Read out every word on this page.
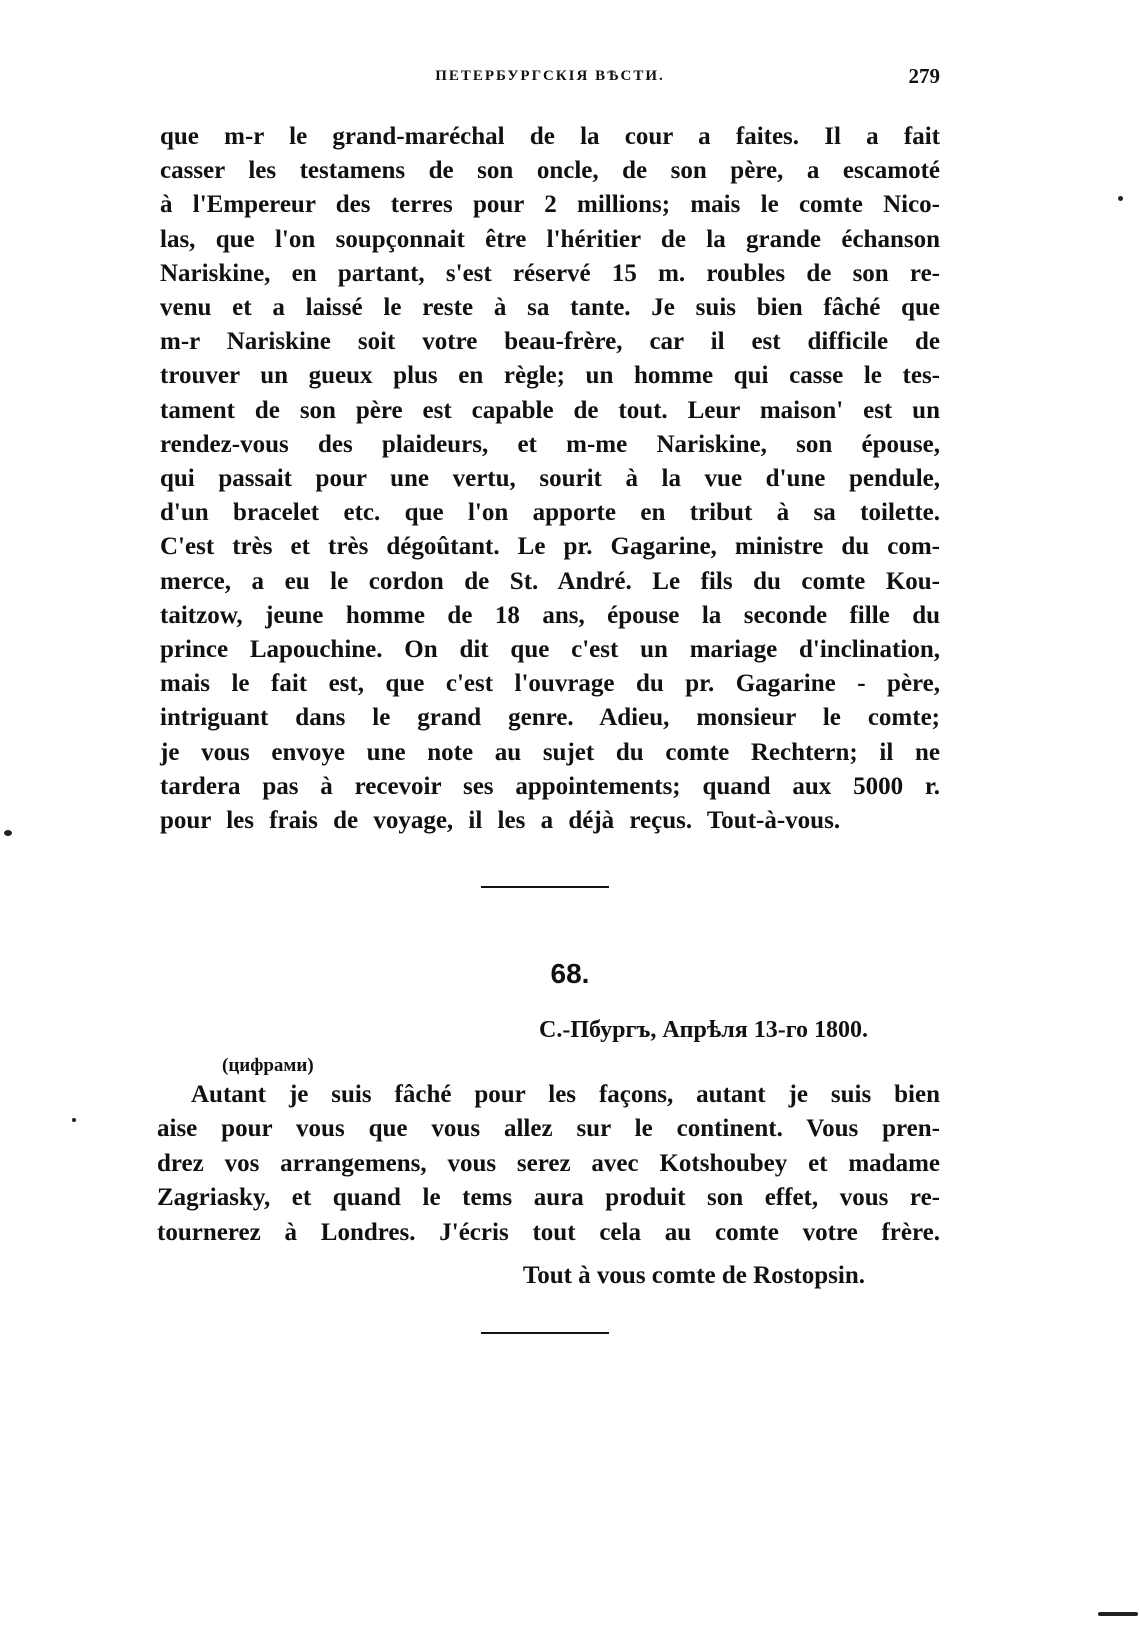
ПЕТЕРБУРГСКІЯ ВѢСТИ.	279
que m-r le grand-maréchal de la cour a faites. Il a fait
casser les testamens de son oncle, de son père, a escamoté
à l'Empereur des terres pour 2 millions; mais le comte Nico-
las, que l'on soupçonnait être l'héritier de la grande échanson
Nariskine, en partant, s'est réservé 15 m. roubles de son re-
venu et a laissé le reste à sa tante. Je suis bien fâché que
m-r Nariskine soit votre beau-frère, car il est difficile de
trouver un gueux plus en règle; un homme qui casse le tes-
tament de son père est capable de tout. Leur maison' est un
rendez-vous des plaideurs, et m-me Nariskine, son épouse,
qui passait pour une vertu, sourit à la vue d'une pendule,
d'un bracelet etc. que l'on apporte en tribut à sa toilette.
C'est très et très dégoûtant. Le pr. Gagarine, ministre du com-
merce, a eu le cordon de St. André. Le fils du comte Kou-
taitzow, jeune homme de 18 ans, épouse la seconde fille du
prince Lapouchine. On dit que c'est un mariage d'inclination,
mais le fait est, que c'est l'ouvrage du pr. Gagarine - père,
intriguant dans le grand genre. Adieu, monsieur le comte;
je vous envoye une note au sujet du comte Rechtern; il ne
tardera pas à recevoir ses appointements; quand aux 5000 r.
pour les frais de voyage, il les a déjà reçus. Tout-à-vous.
68.
С.-Пбургъ, Апрѣля 13-го 1800.
(цифрами)
Autant je suis fâché pour les façons, autant je suis bien
aise pour vous que vous allez sur le continent. Vous pren-
drez vos arrangemens, vous serez avec Kotshoubey et madame
Zagriasky, et quand le tems aura produit son effet, vous re-
tournerez à Londres. J'écris tout cela au comte votre frère.
Tout à vous comte de Rostopsin.
